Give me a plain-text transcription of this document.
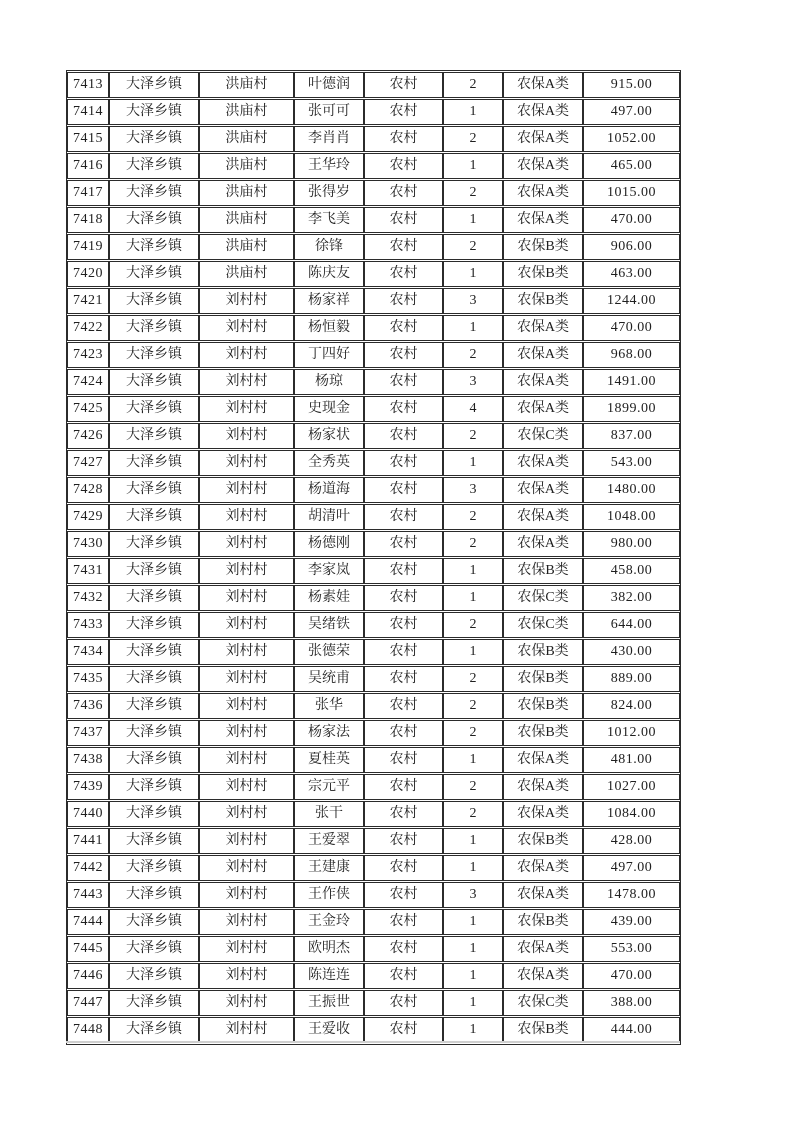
7413	大泽乡镇	洪庙村	叶德润	农村	2	农保A类	915.00
7414	大泽乡镇	洪庙村	张可可	农村	1	农保A类	497.00
7415	大泽乡镇	洪庙村	李肖肖	农村	2	农保A类	1052.00
7416	大泽乡镇	洪庙村	王华玲	农村	1	农保A类	465.00
7417	大泽乡镇	洪庙村	张得岁	农村	2	农保A类	1015.00
7418	大泽乡镇	洪庙村	李飞美	农村	1	农保A类	470.00
7419	大泽乡镇	洪庙村	徐锋	农村	2	农保B类	906.00
7420	大泽乡镇	洪庙村	陈庆友	农村	1	农保B类	463.00
7421	大泽乡镇	刘村村	杨家祥	农村	3	农保B类	1244.00
7422	大泽乡镇	刘村村	杨恒毅	农村	1	农保A类	470.00
7423	大泽乡镇	刘村村	丁四好	农村	2	农保A类	968.00
7424	大泽乡镇	刘村村	杨琼	农村	3	农保A类	1491.00
7425	大泽乡镇	刘村村	史现金	农村	4	农保A类	1899.00
7426	大泽乡镇	刘村村	杨家状	农村	2	农保C类	837.00
7427	大泽乡镇	刘村村	全秀英	农村	1	农保A类	543.00
7428	大泽乡镇	刘村村	杨道海	农村	3	农保A类	1480.00
7429	大泽乡镇	刘村村	胡清叶	农村	2	农保A类	1048.00
7430	大泽乡镇	刘村村	杨德刚	农村	2	农保A类	980.00
7431	大泽乡镇	刘村村	李家岚	农村	1	农保B类	458.00
7432	大泽乡镇	刘村村	杨素娃	农村	1	农保C类	382.00
7433	大泽乡镇	刘村村	吴绪铁	农村	2	农保C类	644.00
7434	大泽乡镇	刘村村	张德荣	农村	1	农保B类	430.00
7435	大泽乡镇	刘村村	吴统甫	农村	2	农保B类	889.00
7436	大泽乡镇	刘村村	张华	农村	2	农保B类	824.00
7437	大泽乡镇	刘村村	杨家法	农村	2	农保B类	1012.00
7438	大泽乡镇	刘村村	夏桂英	农村	1	农保A类	481.00
7439	大泽乡镇	刘村村	宗元平	农村	2	农保A类	1027.00
7440	大泽乡镇	刘村村	张干	农村	2	农保A类	1084.00
7441	大泽乡镇	刘村村	王爱翠	农村	1	农保B类	428.00
7442	大泽乡镇	刘村村	王建康	农村	1	农保A类	497.00
7443	大泽乡镇	刘村村	王作侠	农村	3	农保A类	1478.00
7444	大泽乡镇	刘村村	王金玲	农村	1	农保B类	439.00
7445	大泽乡镇	刘村村	欧明杰	农村	1	农保A类	553.00
7446	大泽乡镇	刘村村	陈连连	农村	1	农保A类	470.00
7447	大泽乡镇	刘村村	王振世	农村	1	农保C类	388.00
7448	大泽乡镇	刘村村	王爱收	农村	1	农保B类	444.00
